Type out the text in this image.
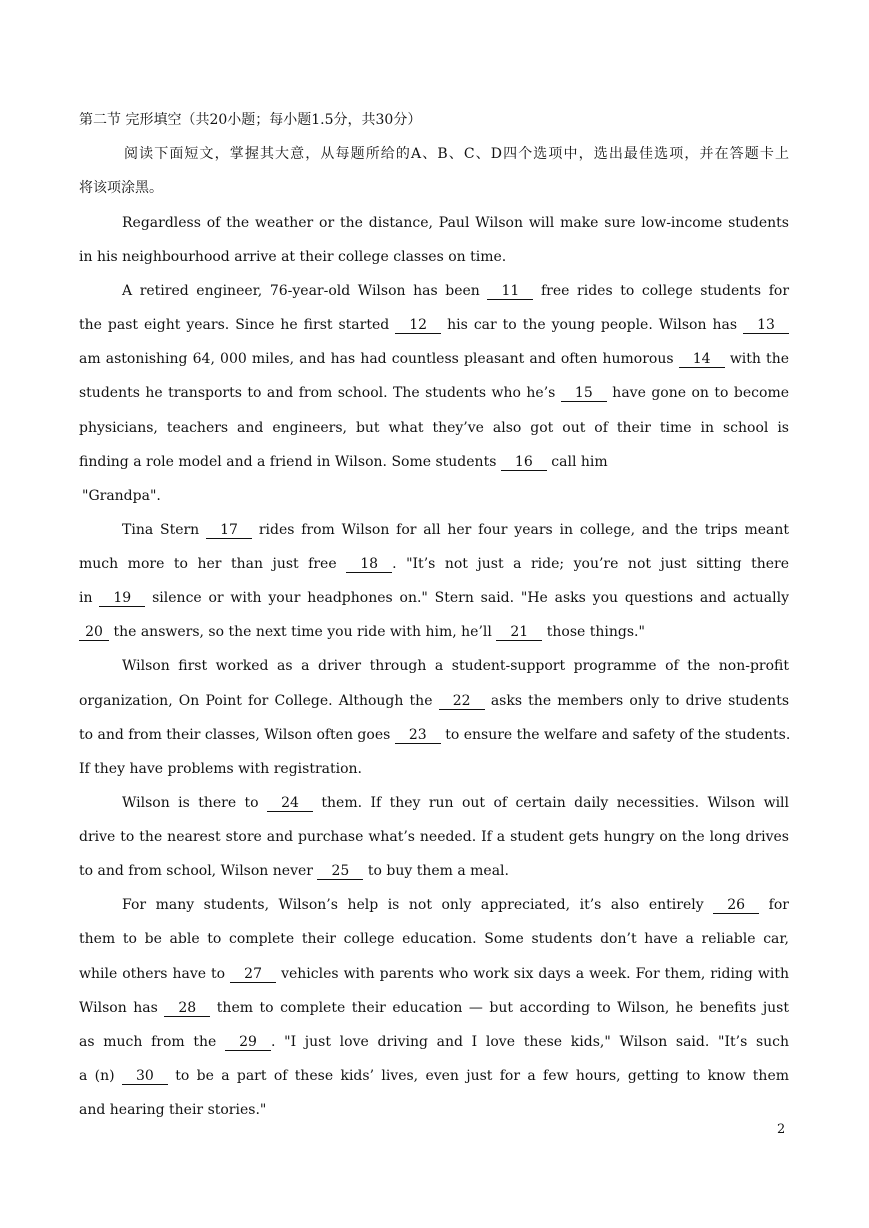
第二节 完形填空（共20小题；每小题1.5分，共30分）
阅读下面短文，掌握其大意，从每题所给的A、B、C、D四个选项中，选出最佳选项，并在答题卡上
将该项涂黑。
Regardless of the weather or the distance, Paul Wilson will make sure low-income students
in his neighbourhood arrive at their college classes on time.
A retired engineer, 76-year-old Wilson has been 11 free rides to college students for
the past eight years. Since he first started 12 his car to the young people. Wilson has 13
am astonishing 64, 000 miles, and has had countless pleasant and often humorous 14 with the
students he transports to and from school. The students who he’s 15 have gone on to become
physicians, teachers and engineers, but what they’ve also got out of their time in school is
finding a role model and a friend in Wilson. Some students 16 call him
"Grandpa".
Tina Stern 17 rides from Wilson for all her four years in college, and the trips meant
much more to her than just free 18 . "It’s not just a ride; you’re not just sitting there
in 19 silence or with your headphones on." Stern said. "He asks you questions and actually
20 the answers, so the next time you ride with him, he’ll 21 those things."
Wilson first worked as a driver through a student-support programme of the non-profit
organization, On Point for College. Although the 22 asks the members only to drive students
to and from their classes, Wilson often goes 23 to ensure the welfare and safety of the students.
If they have problems with registration.
Wilson is there to 24 them. If they run out of certain daily necessities. Wilson will
drive to the nearest store and purchase what’s needed. If a student gets hungry on the long drives
to and from school, Wilson never 25 to buy them a meal.
For many students, Wilson’s help is not only appreciated, it’s also entirely 26 for
them to be able to complete their college education. Some students don’t have a reliable car,
while others have to 27 vehicles with parents who work six days a week. For them, riding with
Wilson has 28 them to complete their education — but according to Wilson, he benefits just
as much from the 29 . "I just love driving and I love these kids," Wilson said. "It’s such
a (n) 30 to be a part of these kids’ lives, even just for a few hours, getting to know them
and hearing their stories."
2
